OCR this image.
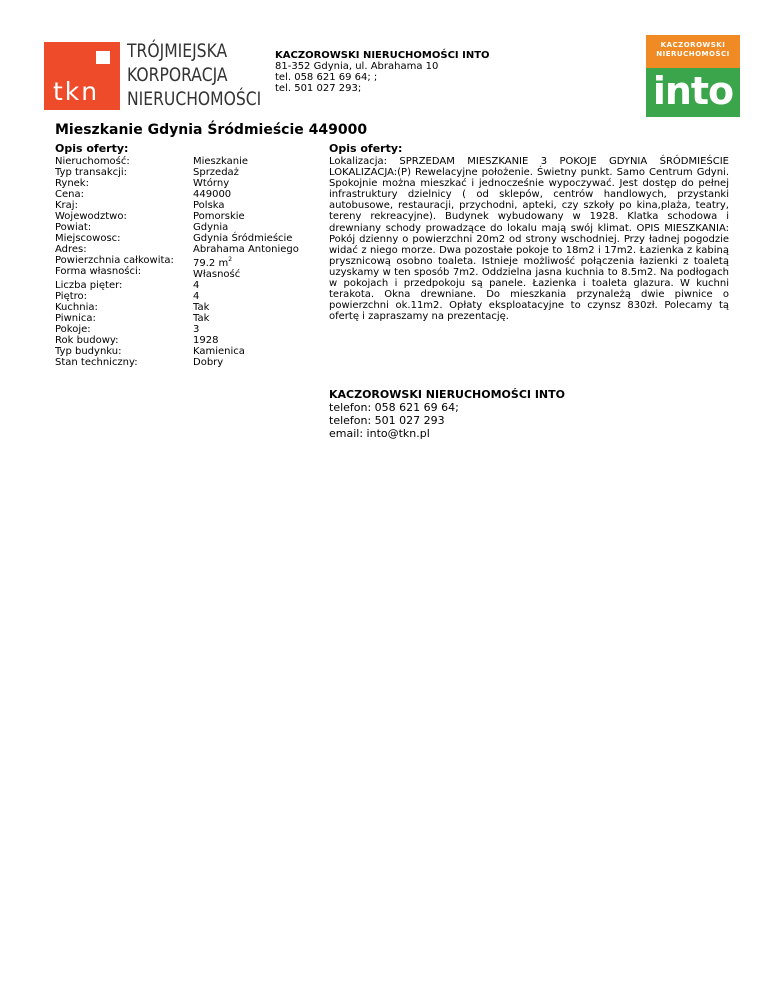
tkn
TRÓJMIEJSKA
KORPORACJA
NIERUCHOMOŚCI
KACZOROWSKI NIERUCHOMOŚCI INTO
81-352 Gdynia, ul. Abrahama 10
tel. 058 621 69 64; ;
tel. 501 027 293;
KACZOROWSKI
NIERUCHOMOŚCI
into
Mieszkanie Gdynia Śródmieście 449000
Opis oferty:
Nieruchomość:
Typ transakcji:
Rynek:
Cena:
Kraj:
Wojewodztwo:
Powiat:
Miejscowosc:
Adres:
Powierzchnia całkowita:
Forma własności:
Liczba pięter:
Piętro:
Kuchnia:
Piwnica:
Pokoje:
Rok budowy:
Typ budynku:
Stan techniczny:
Mieszkanie
Sprzedaż
Wtórny
449000
Polska
Pomorskie
Gdynia
Gdynia Śródmieście
Abrahama Antoniego
79.2 $m^2$
Własność
4
4
Tak
Tak
3
1928
Kamienica
Dobry
Opis oferty:
Lokalizacja: SPRZEDAM MIESZKANIE 3 POKOJE GDYNIA ŚRÓDMIEŚCIE LOKALIZACJA:(P) Rewelacyjne położenie. Świetny punkt. Samo Centrum Gdyni. Spokojnie można mieszkać i jednocześnie wypoczywać. Jest dostęp do pełnej infrastruktury dzielnicy ( od sklepów, centrów handlowych, przystanki autobusowe, restauracji, przychodni, apteki, czy szkoły po kina,plaża, teatry, tereny rekreacyjne). Budynek wybudowany w 1928. Klatka schodowa i drewniany schody prowadzące do lokalu mają swój klimat. OPIS MIESZKANIA: Pokój dzienny o powierzchni 20m2 od strony wschodniej. Przy ładnej pogodzie widać z niego morze. Dwa pozostałe pokoje to 18m2 i 17m2. Łazienka z kabiną prysznicową osobno toaleta. Istnieje możliwość połączenia łazienki z toaletą uzyskamy w ten sposób 7m2. Oddzielna jasna kuchnia to 8.5m2. Na podłogach w pokojach i przedpokoju są panele. Łazienka i toaleta glazura. W kuchni terakota. Okna drewniane. Do mieszkania przynależą dwie piwnice o powierzchni ok.11m2. Opłaty eksploatacyjne to czynsz 830zł. Polecamy tą ofertę i zapraszamy na prezentację.
KACZOROWSKI NIERUCHOMOŚCI INTO
telefon: 058 621 69 64;
telefon: 501 027 293
email: into@tkn.pl
